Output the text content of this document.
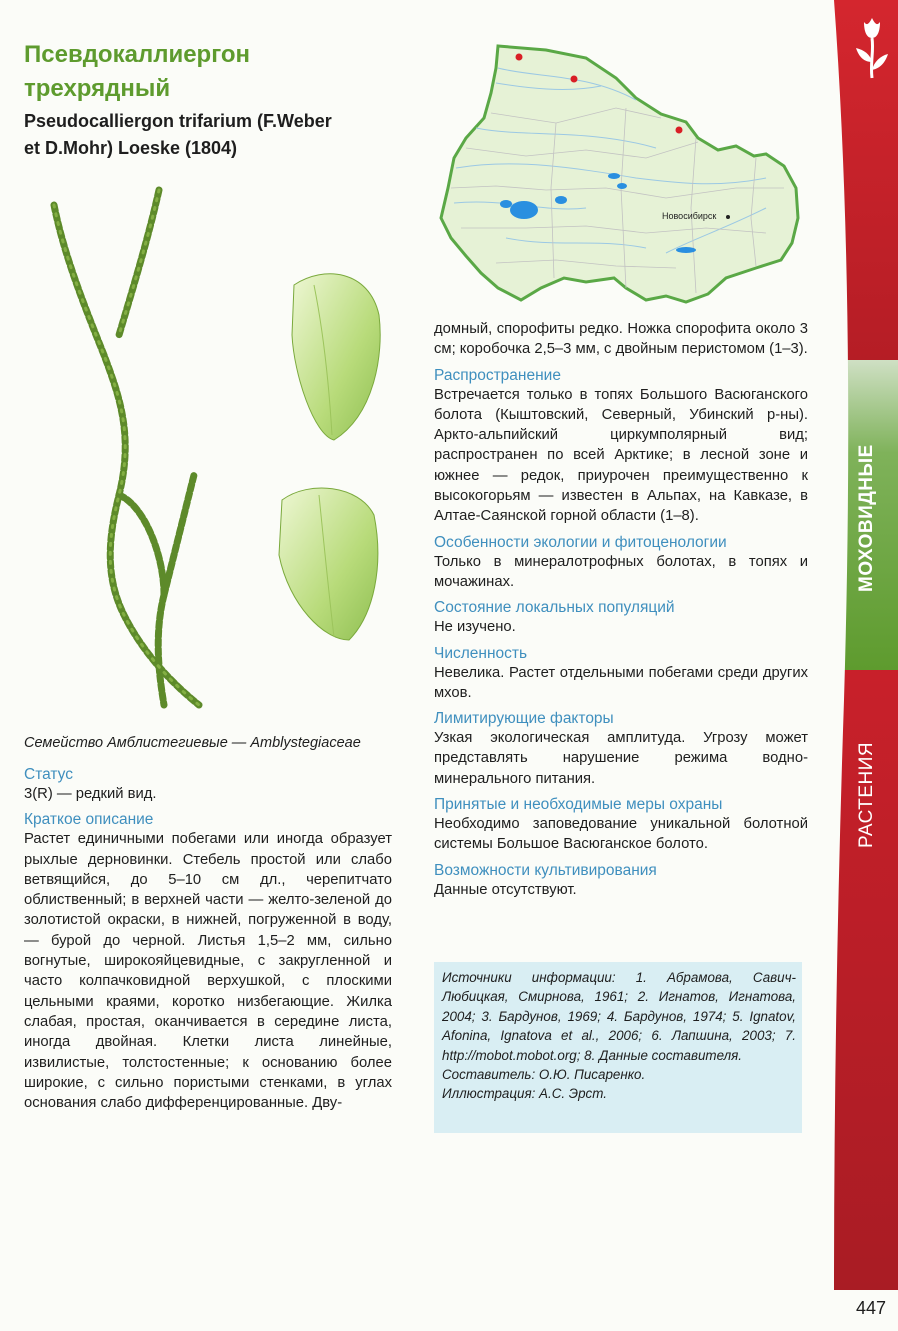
МОХОВИДНЫЕ
РАСТЕНИЯ
447
Псевдокаллиергон
трехрядный
Pseudocalliergon trifarium (F.Weber
et D.Mohr) Loeske (1804)
Семейство Амблистегиевые — Amblystegiaceae
Новосибирск
Статус

3(R) — редкий вид.

Краткое описание

Растет единичными побегами или иногда образует рыхлые дерновинки. Стебель простой или слабо ветвящийся, до 5–10 см дл., черепитчато облиственный; в верхней части — желто-зеленой до золотистой окраски, в нижней, погруженной в воду, — бурой до черной. Листья 1,5–2 мм, сильно вогнутые, широкояйцевидные, с закругленной и часто колпачковидной верхушкой, с плоскими цельными краями, коротко низбегающие. Жилка слабая, простая, оканчивается в середине листа, иногда двойная. Клетки листа линейные, извилистые, толстостенные; к основанию более широкие, с сильно пористыми стенками, в углах основания слабо дифференцированные. Дву-

домный, спорофиты редко. Ножка спорофита около 3 см; коробочка 2,5–3 мм, с двойным перистомом (1–3).

Распространение

Встречается только в топях Большого Васюганского болота (Кыштовский, Северный, Убинский р-ны). Аркто-альпийский циркумполярный вид; распространен по всей Арктике; в лесной зоне и южнее — редок, приурочен преимущественно к высокогорьям — известен в Альпах, на Кавказе, в Алтае-Саянской горной области (1–8).

Особенности экологии и фитоценологии

Только в минералотрофных болотах, в топях и мочажинах.

Состояние локальных популяций

Не изучено.

Численность

Невелика. Растет отдельными побегами среди других мхов.

Лимитирующие факторы

Узкая экологическая амплитуда. Угрозу может представлять нарушение режима водно-минерального питания.

Принятые и необходимые меры охраны

Необходимо заповедование уникальной болотной системы Большое Васюганское болото.

Возможности культивирования

Данные отсутствуют.

Источники информации: 1. Абрамова, Савич-Любицкая, Смирнова, 1961; 2. Игнатов, Игнатова, 2004; 3. Бардунов, 1969; 4. Бардунов, 1974; 5. Ignatov, Afonina, Ignatova et al., 2006; 6. Лапшина, 2003; 7. http://mobot.mobot.org; 8. Данные составителя.

Составитель: О.Ю. Писаренко.

Иллюстрация: А.С. Эрст.
